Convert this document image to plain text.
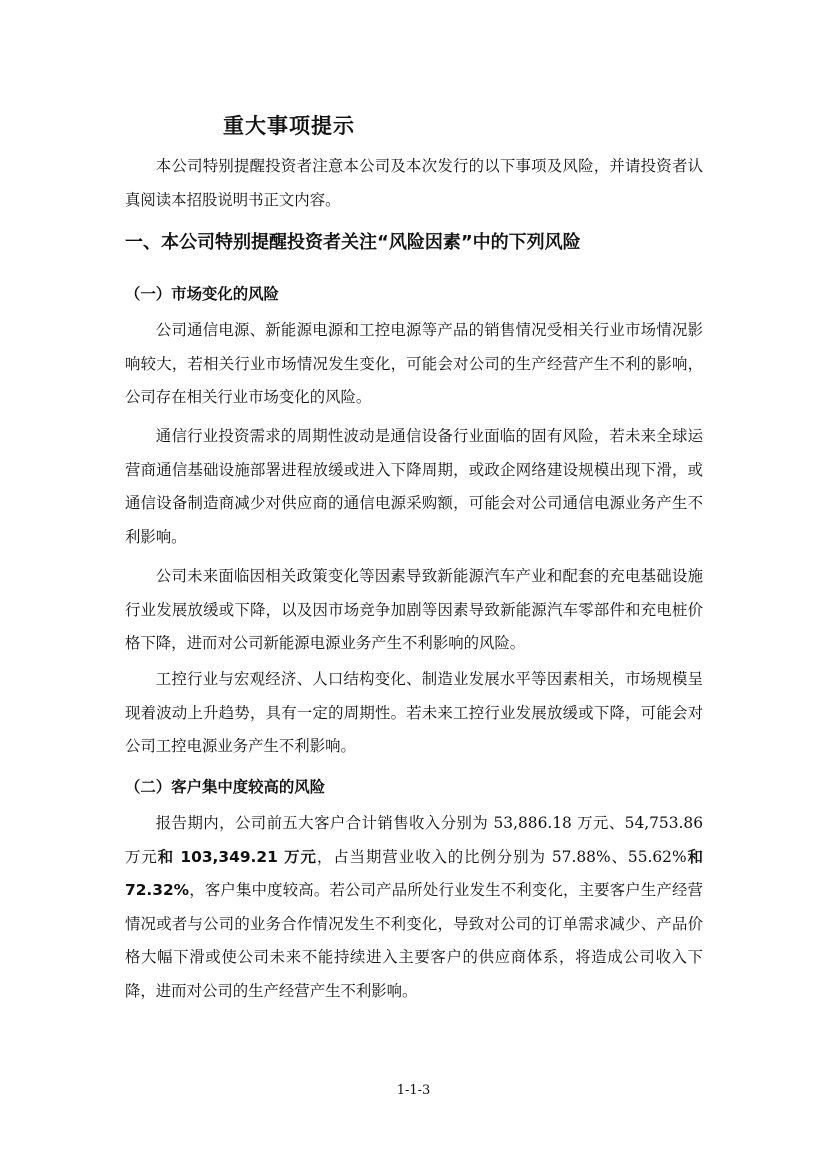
重大事项提示

本公司特别提醒投资者注意本公司及本次发行的以下事项及风险，并请投资者认真阅读本招股说明书正文内容。

一、本公司特别提醒投资者关注“风险因素”中的下列风险
（一）市场变化的风险

公司通信电源、新能源电源和工控电源等产品的销售情况受相关行业市场情况影响较大，若相关行业市场情况发生变化，可能会对公司的生产经营产生不利的影响，公司存在相关行业市场变化的风险。

通信行业投资需求的周期性波动是通信设备行业面临的固有风险，若未来全球运营商通信基础设施部署进程放缓或进入下降周期，或政企网络建设规模出现下滑，或通信设备制造商减少对供应商的通信电源采购额，可能会对公司通信电源业务产生不利影响。

公司未来面临因相关政策变化等因素导致新能源汽车产业和配套的充电基础设施行业发展放缓或下降，以及因市场竞争加剧等因素导致新能源汽车零部件和充电桩价格下降，进而对公司新能源电源业务产生不利影响的风险。

工控行业与宏观经济、人口结构变化、制造业发展水平等因素相关，市场规模呈现着波动上升趋势，具有一定的周期性。若未来工控行业发展放缓或下降，可能会对公司工控电源业务产生不利影响。

（二）客户集中度较高的风险

报告期内，公司前五大客户合计销售收入分别为 53,886.18 万元、54,753.86 万元和 103,349.21 万元，占当期营业收入的比例分别为 57.88%、55.62%和72.32%，客户集中度较高。若公司产品所处行业发生不利变化，主要客户生产经营情况或者与公司的业务合作情况发生不利变化，导致对公司的订单需求减少、产品价格大幅下滑或使公司未来不能持续进入主要客户的供应商体系，将造成公司收入下降，进而对公司的生产经营产生不利影响。

1-1-3
